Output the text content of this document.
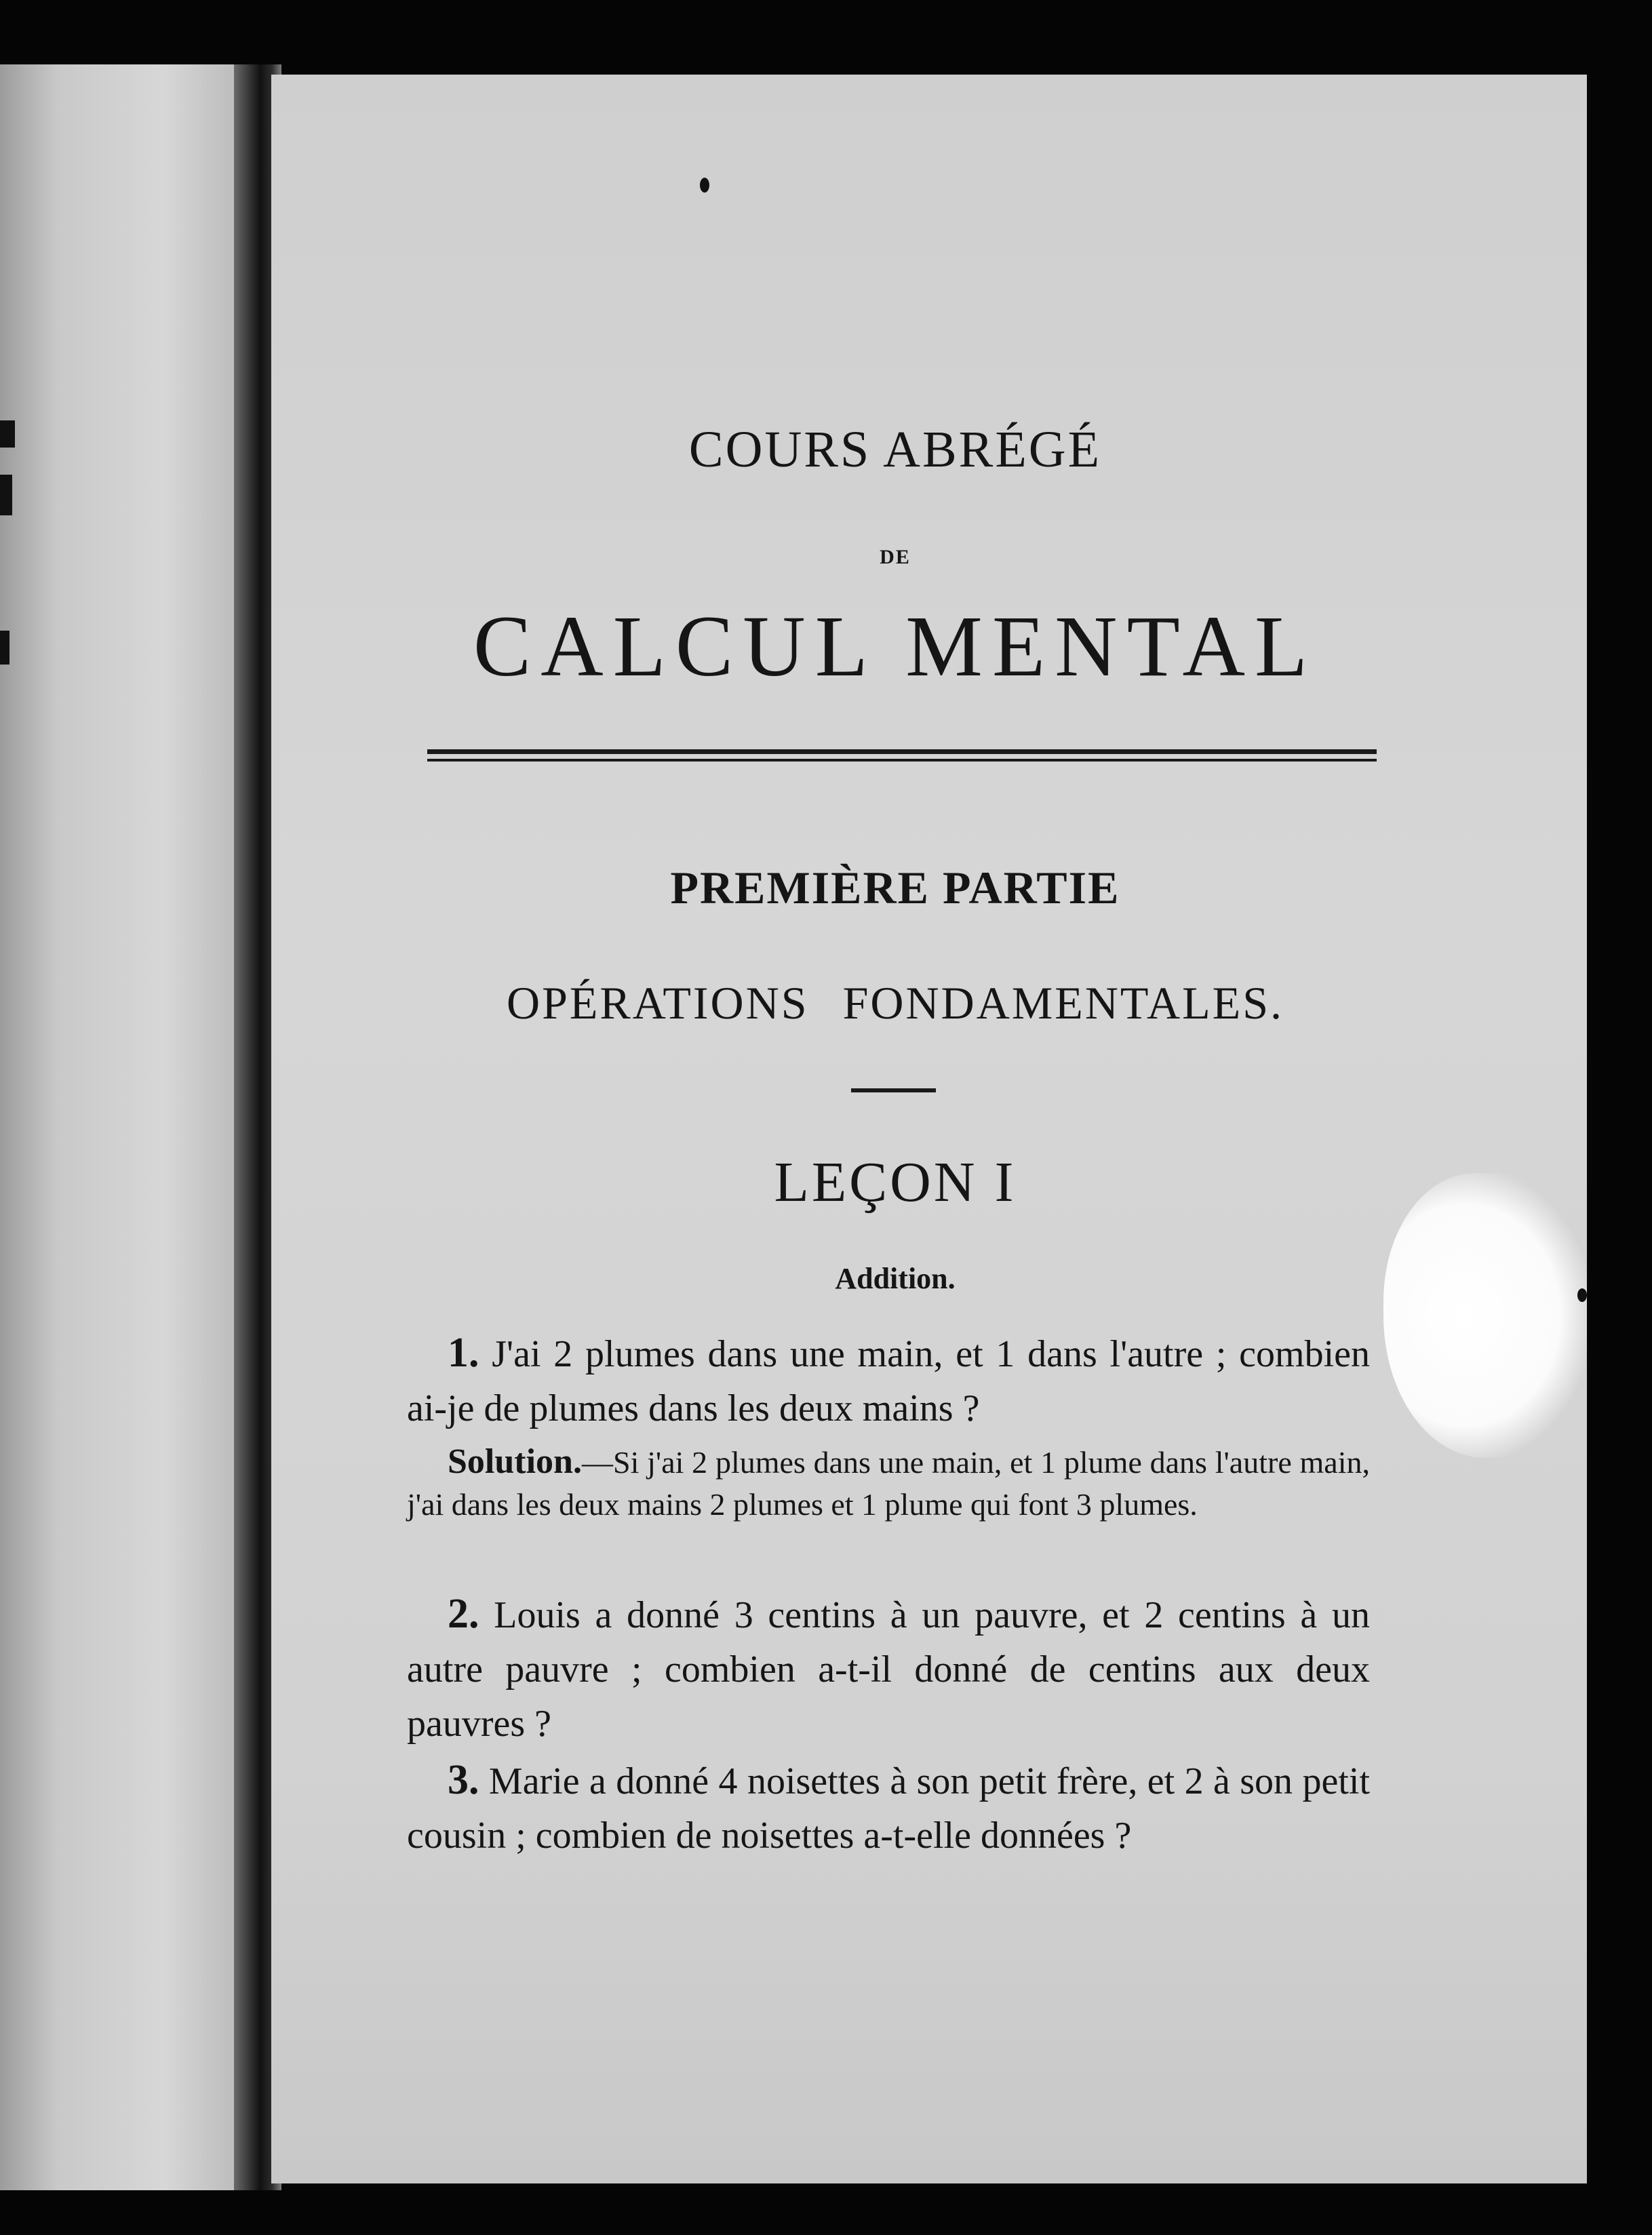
COURS ABRÉGÉ
DE
CALCUL MENTAL
PREMIÈRE PARTIE
OPÉRATIONS FONDAMENTALES.
LEÇON I
Addition.
1. J'ai 2 plumes dans une main, et 1 dans l'autre ; combien ai-je de plumes dans les deux mains ?
Solution.—Si j'ai 2 plumes dans une main, et 1 plume dans l'autre main, j'ai dans les deux mains 2 plumes et 1 plume qui font 3 plumes.
2. Louis a donné 3 centins à un pauvre, et 2 centins à un autre pauvre ; combien a-t-il donné de centins aux deux pauvres ?
3. Marie a donné 4 noisettes à son petit frère, et 2 à son petit cousin ; combien de noisettes a-t-elle données ?
